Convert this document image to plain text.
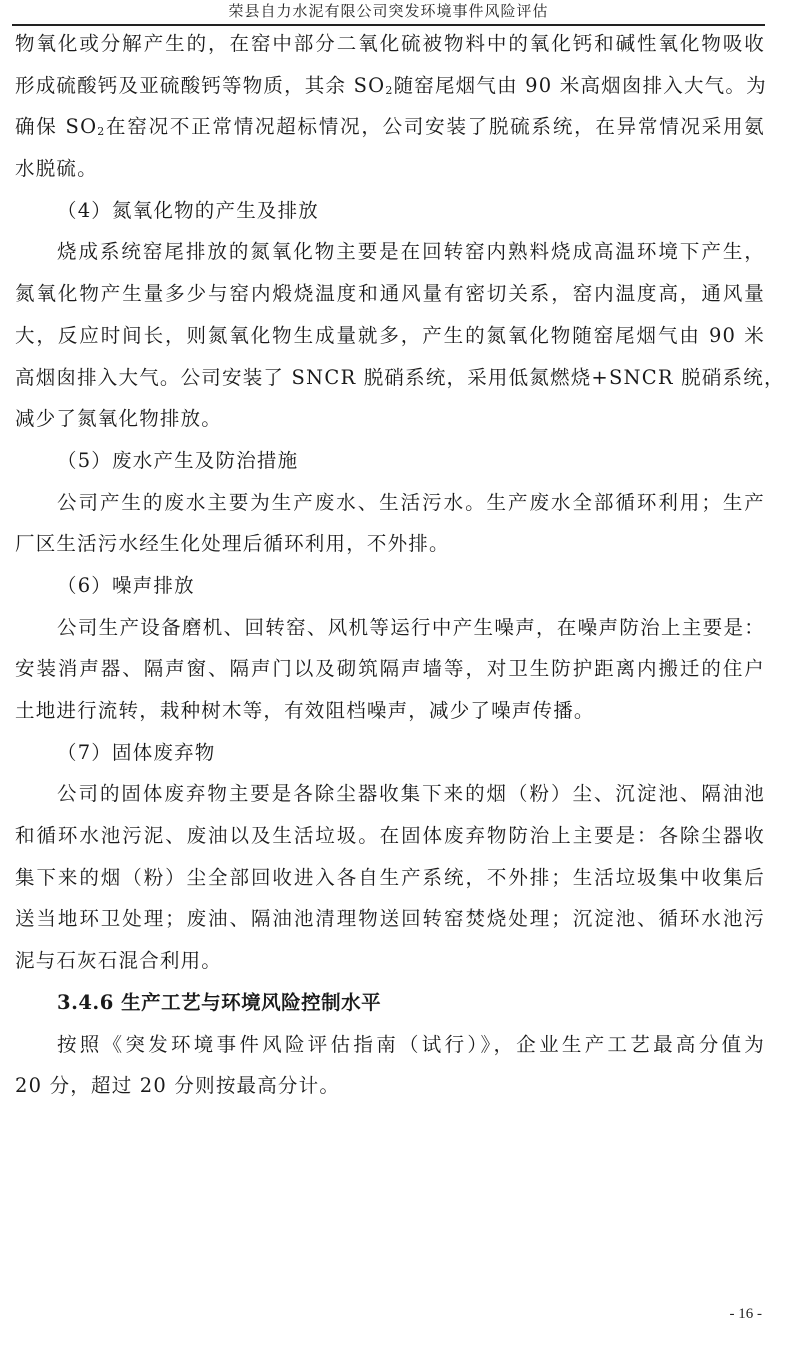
荣县自力水泥有限公司突发环境事件风险评估
物氧化或分解产生的，在窑中部分二氧化硫被物料中的氧化钙和碱性氧化物吸收
形成硫酸钙及亚硫酸钙等物质，其余 $SO_2$随窑尾烟气由 90 米高烟囱排入大气。为
确保 $SO_2$在窑况不正常情况超标情况，公司安装了脱硫系统，在异常情况采用氨
水脱硫。
（4）氮氧化物的产生及排放
烧成系统窑尾排放的氮氧化物主要是在回转窑内熟料烧成高温环境下产生，
氮氧化物产生量多少与窑内煅烧温度和通风量有密切关系，窑内温度高，通风量
大，反应时间长，则氮氧化物生成量就多，产生的氮氧化物随窑尾烟气由 90 米
高烟囱排入大气。公司安装了 SNCR 脱硝系统，采用低氮燃烧+SNCR 脱硝系统，
减少了氮氧化物排放。
（5）废水产生及防治措施
公司产生的废水主要为生产废水、生活污水。生产废水全部循环利用；生产
厂区生活污水经生化处理后循环利用，不外排。
（6）噪声排放
公司生产设备磨机、回转窑、风机等运行中产生噪声，在噪声防治上主要是：
安装消声器、隔声窗、隔声门以及砌筑隔声墙等，对卫生防护距离内搬迁的住户
土地进行流转，栽种树木等，有效阻档噪声，减少了噪声传播。
（7）固体废弃物
公司的固体废弃物主要是各除尘器收集下来的烟（粉）尘、沉淀池、隔油池
和循环水池污泥、废油以及生活垃圾。在固体废弃物防治上主要是：各除尘器收
集下来的烟（粉）尘全部回收进入各自生产系统，不外排；生活垃圾集中收集后
送当地环卫处理；废油、隔油池清理物送回转窑焚烧处理；沉淀池、循环水池污
泥与石灰石混合利用。
3.4.6 生产工艺与环境风险控制水平
按照《突发环境事件风险评估指南（试行）》，企业生产工艺最高分值为
20 分，超过 20 分则按最高分计。
- 16 -
